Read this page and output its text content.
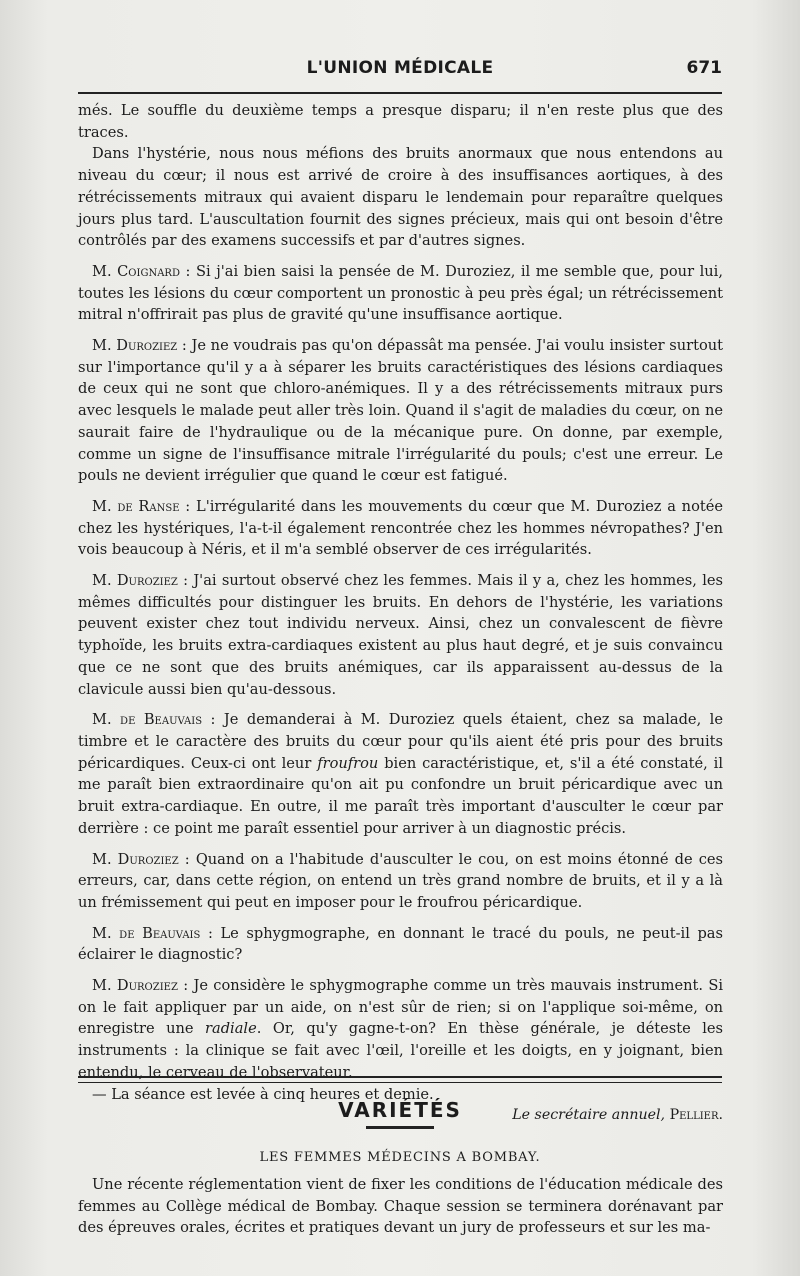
L'UNION MÉDICALE	671

més. Le souffle du deuxième temps a presque disparu; il n'en reste plus que des traces.

Dans l'hystérie, nous nous méfions des bruits anormaux que nous entendons au niveau du cœur; il nous est arrivé de croire à des insuffisances aortiques, à des rétrécissements mitraux qui avaient disparu le lendemain pour reparaître quelques jours plus tard. L'auscultation fournit des signes précieux, mais qui ont besoin d'être contrôlés par des examens successifs et par d'autres signes.

M. Coignard : Si j'ai bien saisi la pensée de M. Duroziez, il me semble que, pour lui, toutes les lésions du cœur comportent un pronostic à peu près égal; un rétrécissement mitral n'offrirait pas plus de gravité qu'une insuffisance aortique.

M. Duroziez : Je ne voudrais pas qu'on dépassât ma pensée. J'ai voulu insister surtout sur l'importance qu'il y a à séparer les bruits caractéristiques des lésions cardiaques de ceux qui ne sont que chloro-anémiques. Il y a des rétrécissements mitraux purs avec lesquels le malade peut aller très loin. Quand il s'agit de maladies du cœur, on ne saurait faire de l'hydraulique ou de la mécanique pure. On donne, par exemple, comme un signe de l'insuffisance mitrale l'irrégularité du pouls; c'est une erreur. Le pouls ne devient irrégulier que quand le cœur est fatigué.

M. de Ranse : L'irrégularité dans les mouvements du cœur que M. Duroziez a notée chez les hystériques, l'a-t-il également rencontrée chez les hommes névropathes? J'en vois beaucoup à Néris, et il m'a semblé observer de ces irrégularités.

M. Duroziez : J'ai surtout observé chez les femmes. Mais il y a, chez les hommes, les mêmes difficultés pour distinguer les bruits. En dehors de l'hystérie, les variations peuvent exister chez tout individu nerveux. Ainsi, chez un convalescent de fièvre typhoïde, les bruits extra-cardiaques existent au plus haut degré, et je suis convaincu que ce ne sont que des bruits anémiques, car ils apparaissent au-dessus de la clavicule aussi bien qu'au-dessous.

M. de Beauvais : Je demanderai à M. Duroziez quels étaient, chez sa malade, le timbre et le caractère des bruits du cœur pour qu'ils aient été pris pour des bruits péricardiques. Ceux-ci ont leur froufrou bien caractéristique, et, s'il a été constaté, il me paraît bien extraordinaire qu'on ait pu confondre un bruit péricardique avec un bruit extra-cardiaque. En outre, il me paraît très important d'ausculter le cœur par derrière : ce point me paraît essentiel pour arriver à un diagnostic précis.

M. Duroziez : Quand on a l'habitude d'ausculter le cou, on est moins étonné de ces erreurs, car, dans cette région, on entend un très grand nombre de bruits, et il y a là un frémissement qui peut en imposer pour le froufrou péricardique.

M. de Beauvais : Le sphygmographe, en donnant le tracé du pouls, ne peut-il pas éclairer le diagnostic?

M. Duroziez : Je considère le sphygmographe comme un très mauvais instrument. Si on le fait appliquer par un aide, on n'est sûr de rien; si on l'applique soi-même, on enregistre une radiale. Or, qu'y gagne-t-on? En thèse générale, je déteste les instruments : la clinique se fait avec l'œil, l'oreille et les doigts, en y joignant, bien entendu, le cerveau de l'observateur.

— La séance est levée à cinq heures et demie.

Le secrétaire annuel, Pellier.
VARIÉTÉS
LES FEMMES MÉDECINS A BOMBAY.

Une récente réglementation vient de fixer les conditions de l'éducation médicale des femmes au Collège médical de Bombay. Chaque session se terminera dorénavant par des épreuves orales, écrites et pratiques devant un jury de professeurs et sur les ma-
